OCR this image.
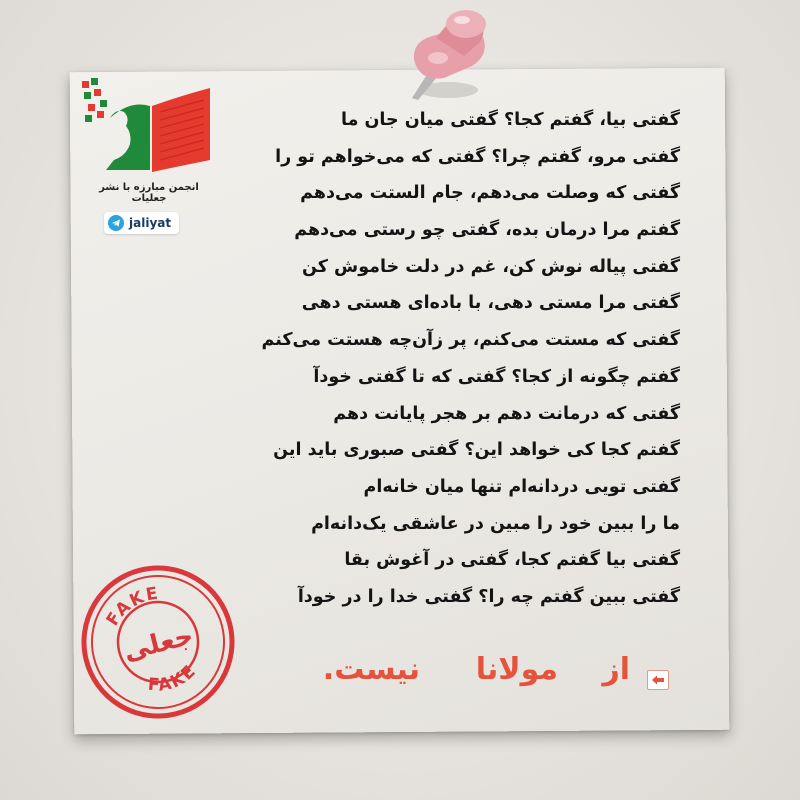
انجمن مبارزه با نشر جعلیات
jaliyat
گفتی بیا، گفتم کجا؟ گفتی میان جان ما
گفتی مرو، گفتم چرا؟ گفتی که می‌خواهم تو را
گفتی که وصلت می‌دهم، جام الستت می‌دهم
گفتم مرا درمان بده، گفتی چو رستی می‌دهم
گفتی پیاله نوش کن، غم در دلت خاموش کن
گفتی مرا مستی دهی، با باده‌ای هستی دهی
گفتی که مستت می‌کنم، پر زآن‌چه هستت می‌کنم
گفتم چگونه از کجا؟ گفتی که تا گفتی خودآ
گفتی که درمانت دهم بر هجر پایانت دهم
گفتم کجا کی خواهد این؟ گفتی صبوری باید این
گفتی تویی دردانه‌ام تنها میان خانه‌ام
ما را ببین خود را مبین در عاشقی یک‌دانه‌ام
گفتی بیا گفتم کجا، گفتی در آغوش بقا
گفتی ببین گفتم چه را؟ گفتی خدا را در خودآ
FAKE
FAKE
جعلی
از
مولانا
نیست.
